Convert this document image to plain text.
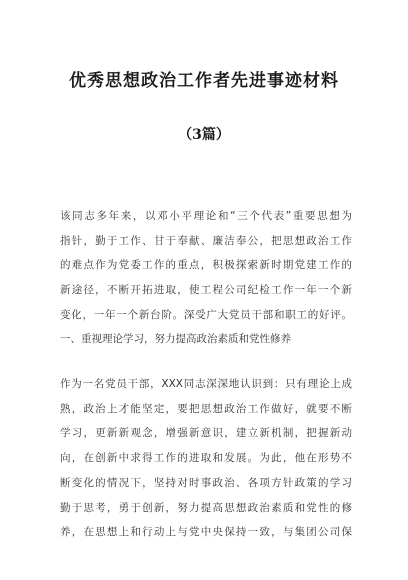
优秀思想政治工作者先进事迹材料
（3篇）
该同志多年来，以邓小平理论和“三个代表”重要思想为
指针，勤于工作、甘于奉献、廉洁奉公，把思想政治工作
的难点作为党委工作的重点，积极探索新时期党建工作的
新途径，不断开拓进取，使工程公司纪检工作一年一个新
变化，一年一个新台阶。深受广大党员干部和职工的好评。
一、重视理论学习，努力提高政治素质和党性修养
作为一名党员干部，XXX同志深深地认识到：只有理论上成
熟，政治上才能坚定，要把思想政治工作做好，就要不断
学习，更新新观念，增强新意识，建立新机制，把握新动
向，在创新中求得工作的进取和发展。为此，他在形势不
断变化的情况下，坚持对时事政治、各项方针政策的学习
勤于思考，勇于创新，努力提高思想政治素质和党性的修
养，在思想上和行动上与党中央保持一致，与集团公司保
